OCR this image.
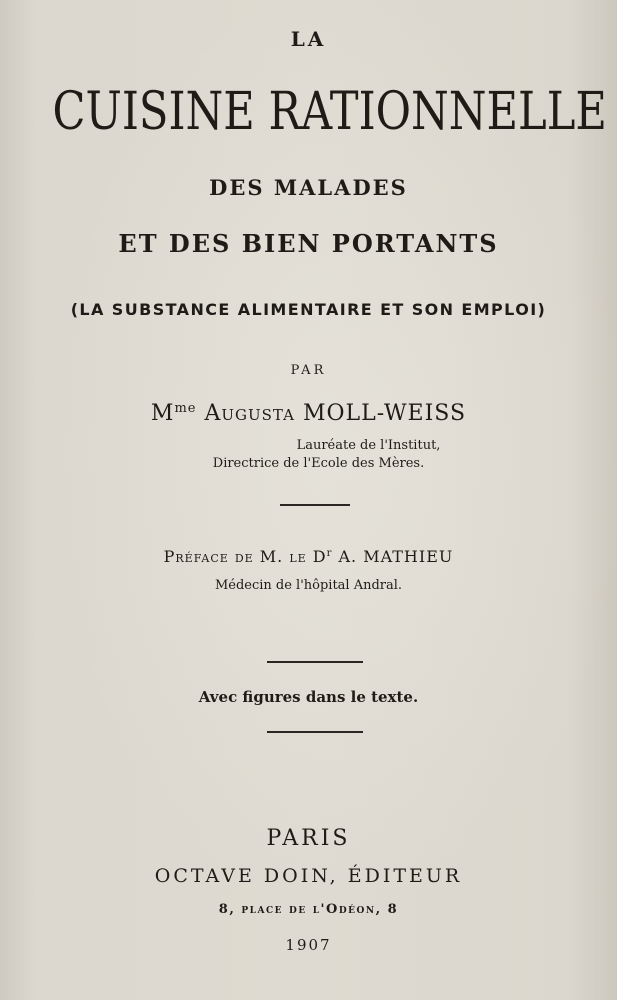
LA
CUISINE RATIONNELLE
DES MALADES
ET DES BIEN PORTANTS
(LA SUBSTANCE ALIMENTAIRE ET SON EMPLOI)
PAR
$M^{me}$ Augusta MOLL-WEISS
Lauréate de l'Institut,
Directrice de l'Ecole des Mères.
Préface de M. le $D^r$ A. MATHIEU
Médecin de l'hôpital Andral.
Avec figures dans le texte.
PARIS
OCTAVE DOIN, ÉDITEUR
8, place de l'Odéon, 8
1907
